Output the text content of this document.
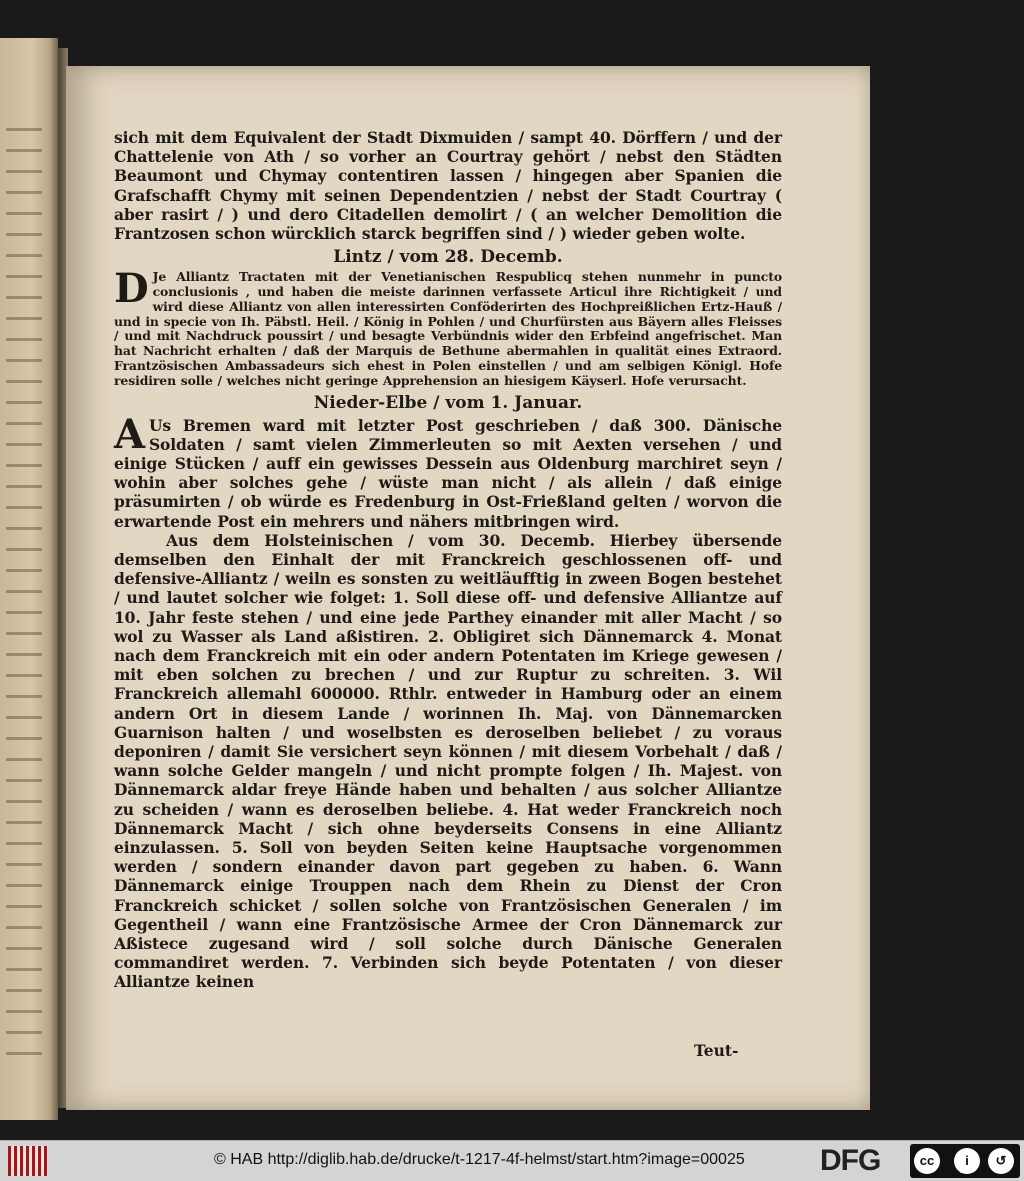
sich mit dem Equivalent der Stadt Dixmuiden / sampt 40. Dörffern / und der Chattelenie von Ath / so vorher an Courtray gehört / nebst den Städten Beaumont und Chymay contentiren lassen / hingegen aber Spanien die Grafschafft Chymy mit seinen Dependentzien / nebst der Stadt Courtray ( aber rasirt / ) und dero Citadellen demolirt / ( an welcher Demolition die Frantzosen schon würcklich starck begriffen sind / ) wieder geben wolte.

Lintz / vom 28. Decemb.

D Je Alliantz Tractaten mit der Venetianischen Respublicq stehen nunmehr in puncto conclusionis , und haben die meiste darinnen verfassete Articul ihre Richtigkeit / und wird diese Alliantz von allen interessirten Conföderirten des Hochpreißlichen Ertz-Hauß / und in specie von Ih. Päbstl. Heil. / König in Pohlen / und Churfürsten aus Bäyern alles Fleisses / und mit Nachdruck poussirt / und besagte Verbündnis wider den Erbfeind angefrischet. Man hat Nachricht erhalten / daß der Marquis de Bethune abermahlen in qualität eines Extraord. Frantzösischen Ambassadeurs sich ehest in Polen einstellen / und am selbigen Königl. Hofe residiren solle / welches nicht geringe Apprehension an hiesigem Käyserl. Hofe verursacht.

Nieder-Elbe / vom 1. Januar.

A Us Bremen ward mit letzter Post geschrieben / daß 300. Dänische Soldaten / samt vielen Zimmerleuten so mit Aexten versehen / und einige Stücken / auff ein gewisses Dessein aus Oldenburg marchiret seyn / wohin aber solches gehe / wüste man nicht / als allein / daß einige präsumirten / ob würde es Fredenburg in Ost-Frießland gelten / worvon die erwartende Post ein mehrers und nähers mitbringen wird.

Aus dem Holsteinischen / vom 30. Decemb. Hierbey übersende demselben den Einhalt der mit Franckreich geschlossenen off- und defensive-Alliantz / weiln es sonsten zu weitläufftig in zween Bogen bestehet / und lautet solcher wie folget: 1. Soll diese off- und defensive Alliantze auf 10. Jahr feste stehen / und eine jede Parthey einander mit aller Macht / so wol zu Wasser als Land aßistiren. 2. Obligiret sich Dännemarck 4. Monat nach dem Franckreich mit ein oder andern Potentaten im Kriege gewesen / mit eben solchen zu brechen / und zur Ruptur zu schreiten. 3. Wil Franckreich allemahl 600000. Rthlr. entweder in Hamburg oder an einem andern Ort in diesem Lande / worinnen Ih. Maj. von Dännemarcken Guarnison halten / und woselbsten es deroselben beliebet / zu voraus deponiren / damit Sie versichert seyn können / mit diesem Vorbehalt / daß / wann solche Gelder mangeln / und nicht prompte folgen / Ih. Majest. von Dännemarck aldar freye Hände haben und behalten / aus solcher Alliantze zu scheiden / wann es deroselben beliebe. 4. Hat weder Franckreich noch Dännemarck Macht / sich ohne beyderseits Consens in eine Alliantz einzulassen. 5. Soll von beyden Seiten keine Hauptsache vorgenommen werden / sondern einander davon part gegeben zu haben. 6. Wann Dännemarck einige Trouppen nach dem Rhein zu Dienst der Cron Franckreich schicket / sollen solche von Frantzösischen Generalen / im Gegentheil / wann eine Frantzösische Armee der Cron Dännemarck zur Aßistece zugesand wird / soll solche durch Dänische Generalen commandiret werden. 7. Verbinden sich beyde Potentaten / von dieser Alliantze keinen

Teut-
© HAB http://diglib.hab.de/drucke/t-1217-4f-helmst/start.htm?image=00025	DFG	cc	i	↺
BY	SA
